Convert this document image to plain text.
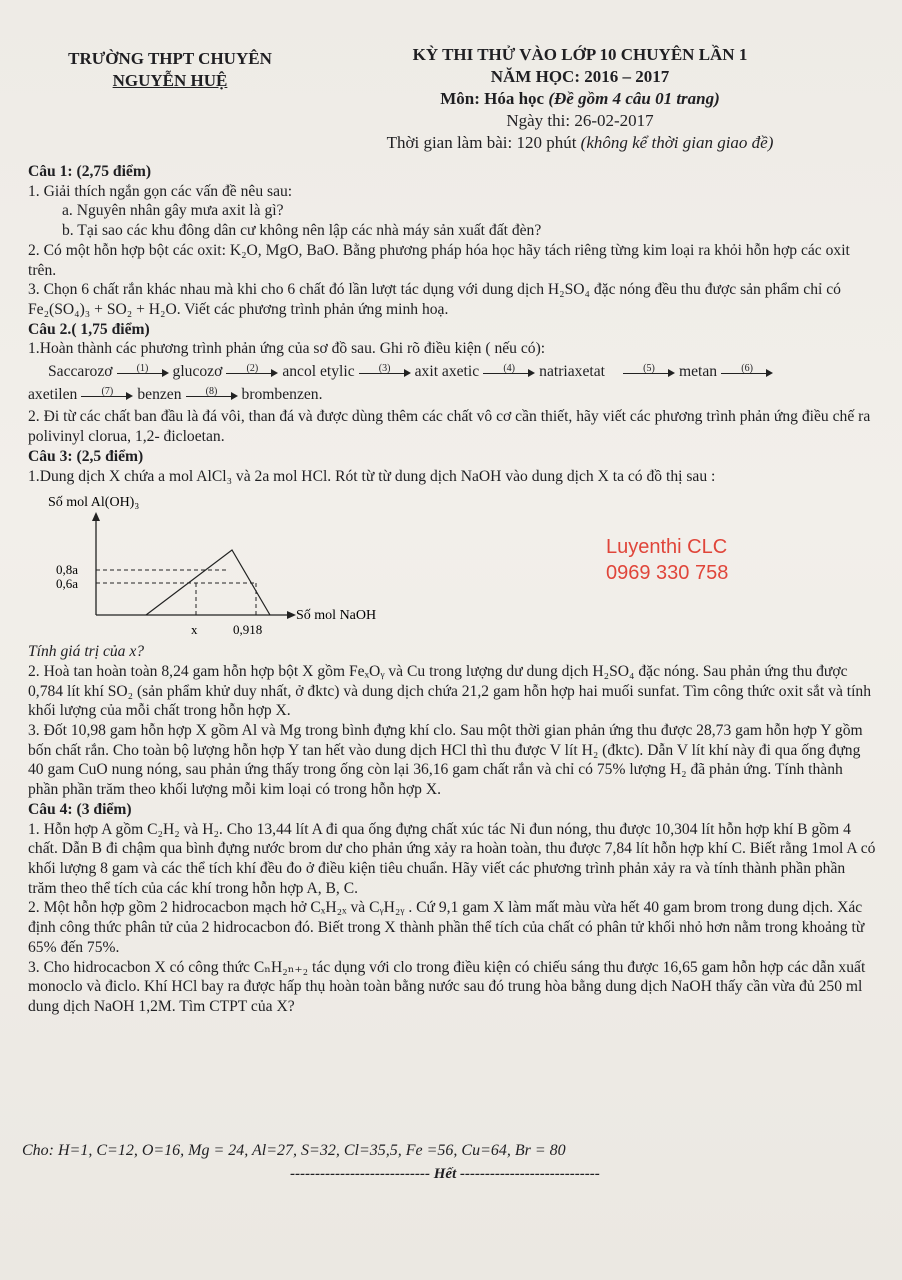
TRƯỜNG THPT CHUYÊN
NGUYỄN HUỆ
KỲ THI THỬ VÀO LỚP 10 CHUYÊN LẦN 1
NĂM HỌC: 2016 – 2017
Môn: Hóa học (Đề gồm 4 câu 01 trang)
Ngày thi: 26-02-2017
Thời gian làm bài: 120 phút (không kể thời gian giao đề)

Câu 1: (2,75 điểm)

1. Giải thích ngắn gọn các vấn đề nêu sau:

a. Nguyên nhân gây mưa axit là gì?

b. Tại sao các khu đông dân cư không nên lập các nhà máy sản xuất đất đèn?

2. Có một hỗn hợp bột các oxit: K₂O, MgO, BaO. Bằng phương pháp hóa học hãy tách riêng từng kim loại ra khỏi hỗn hợp các oxit trên.

3. Chọn 6 chất rắn khác nhau mà khi cho 6 chất đó lần lượt tác dụng với dung dịch H₂SO₄ đặc nóng đều thu được sản phẩm chỉ có Fe₂(SO₄)₃ + SO₂ + H₂O. Viết các phương trình phản ứng minh hoạ.

Câu 2.( 1,75 điểm)

1.Hoàn thành các phương trình phản ứng của sơ đồ sau. Ghi rõ điều kiện ( nếu có):

Saccarozơ	(1)	glucozơ	(2)	ancol etylic	(3)	axit axetic	(4)	natriaxetat	(5)	metan	(6)
axetilen	(7)	benzen	(8)	brombenzen.

2. Đi từ các chất ban đầu là đá vôi, than đá và được dùng thêm các chất vô cơ cần thiết, hãy viết các phương trình phản ứng điều chế ra polivinyl clorua, 1,2- đicloetan.

Câu 3: (2,5 điểm)

1.Dung dịch X chứa a mol AlCl₃ và 2a mol HCl. Rót từ từ dung dịch NaOH vào dung dịch X ta có đồ thị sau :

Số mol Al(OH)₃
Số mol NaOH
0,8a
0,6a
x	0,918
Luyenthi CLC
0969 330 758

Tính giá trị của x?

2. Hoà tan hoàn toàn 8,24 gam hỗn hợp bột X gồm FeₓOᵧ và Cu trong lượng dư dung dịch H₂SO₄ đặc nóng. Sau phản ứng thu được 0,784 lít khí SO₂ (sản phẩm khử duy nhất, ở đktc) và dung dịch chứa 21,2 gam hỗn hợp hai muối sunfat. Tìm công thức oxit sắt và tính khối lượng của mỗi chất trong hỗn hợp X.

3. Đốt 10,98 gam hỗn hợp X gồm Al và Mg trong bình đựng khí clo. Sau một thời gian phản ứng thu được 28,73 gam hỗn hợp Y gồm bốn chất rắn. Cho toàn bộ lượng hỗn hợp Y tan hết vào dung dịch HCl thì thu được V lít H₂ (đktc). Dẫn V lít khí này đi qua ống đựng 40 gam CuO nung nóng, sau phản ứng thấy trong ống còn lại 36,16 gam chất rắn và chỉ có 75% lượng H₂ đã phản ứng. Tính thành phần phần trăm theo khối lượng mỗi kim loại có trong hỗn hợp X.

Câu 4: (3 điểm)

1. Hỗn hợp A gồm C₂H₂ và H₂. Cho 13,44 lít A đi qua ống đựng chất xúc tác Ni đun nóng, thu được 10,304 lít hỗn hợp khí B gồm 4 chất. Dẫn B đi chậm qua bình đựng nước brom dư cho phản ứng xảy ra hoàn toàn, thu được 7,84 lít hỗn hợp khí C. Biết rằng 1mol A có khối lượng 8 gam và các thể tích khí đều đo ở điều kiện tiêu chuẩn. Hãy viết các phương trình phản xảy ra và tính thành phần phần trăm theo thể tích của các khí trong hỗn hợp A, B, C.

2. Một hỗn hợp gồm 2 hidrocacbon mạch hở CₓH₂ₓ và CᵧH₂ᵧ . Cứ 9,1 gam X làm mất màu vừa hết 40 gam brom trong dung dịch. Xác định công thức phân tử của 2 hidrocacbon đó. Biết trong X thành phần thể tích của chất có phân tử khối nhỏ hơn nằm trong khoảng từ 65% đến 75%.

3. Cho hidrocacbon X có công thức CₙH₂ₙ₊₂ tác dụng với clo trong điều kiện có chiếu sáng thu được 16,65 gam hỗn hợp các dẫn xuất monoclo và điclo. Khí HCl bay ra được hấp thụ hoàn toàn bằng nước sau đó trung hòa bằng dung dịch NaOH thấy cần vừa đủ 250 ml dung dịch NaOH 1,2M. Tìm CTPT của X?

Cho: H=1, C=12, O=16, Mg = 24, Al=27, S=32, Cl=35,5, Fe =56, Cu=64, Br = 80
---------------------------- Hết ----------------------------
